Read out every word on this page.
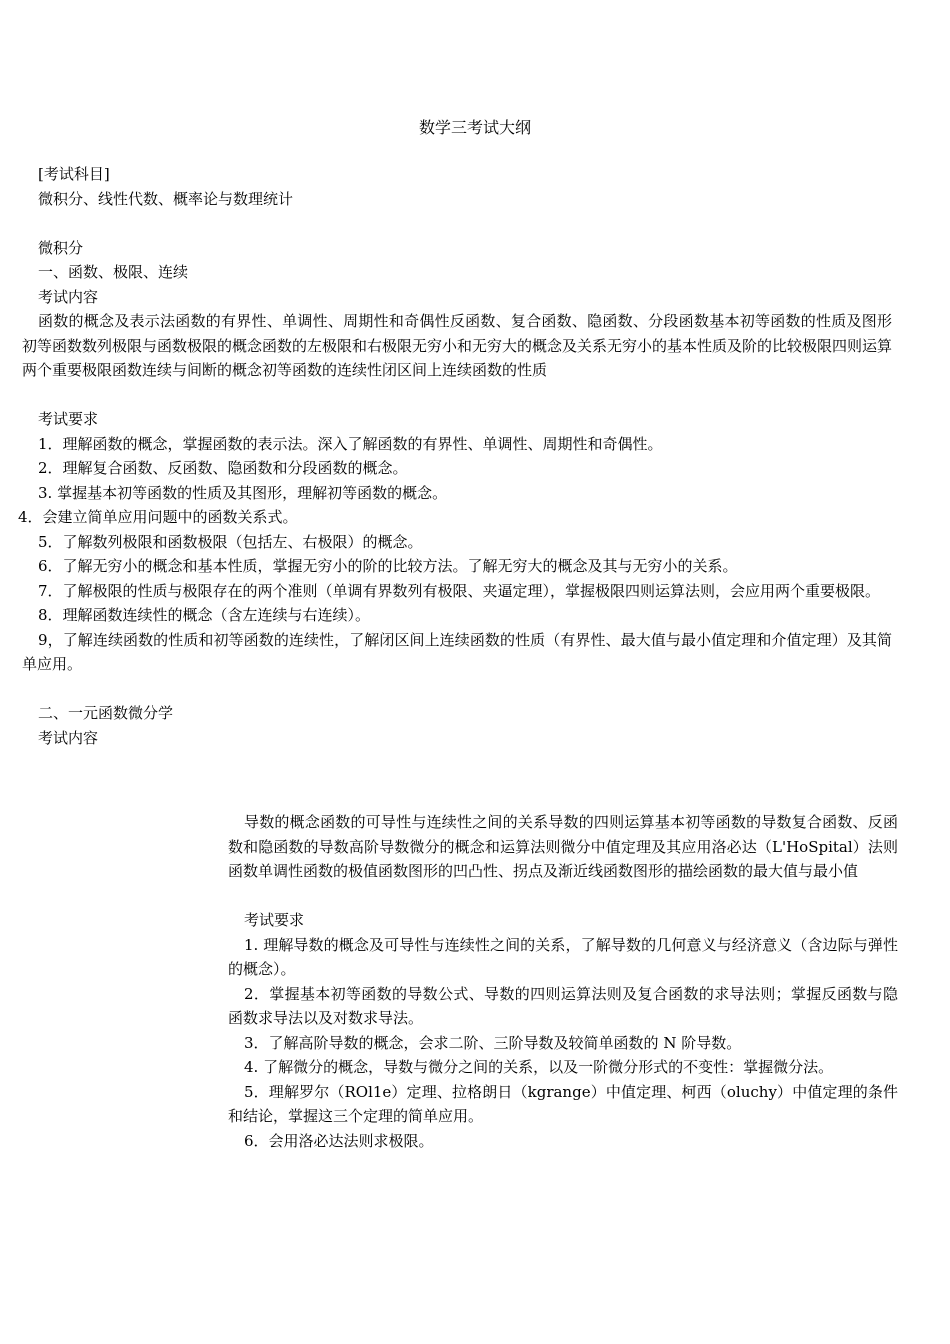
数学三考试大纲
[考试科目]
微积分、线性代数、概率论与数理统计
微积分
一、函数、极限、连续
考试内容
函数的概念及表示法函数的有界性、单调性、周期性和奇偶性反函数、复合函数、隐函数、分段函数基本初等函数的性质及图形初等函数数列极限与函数极限的概念函数的左极限和右极限无穷小和无穷大的概念及关系无穷小的基本性质及阶的比较极限四则运算两个重要极限函数连续与间断的概念初等函数的连续性闭区间上连续函数的性质
考试要求
1．理解函数的概念，掌握函数的表示法。深入了解函数的有界性、单调性、周期性和奇偶性。
2．理解复合函数、反函数、隐函数和分段函数的概念。
3. 掌握基本初等函数的性质及其图形，理解初等函数的概念。
4．会建立简单应用问题中的函数关系式。
5．了解数列极限和函数极限（包括左、右极限）的概念。
6．了解无穷小的概念和基本性质，掌握无穷小的阶的比较方法。了解无穷大的概念及其与无穷小的关系。
7．了解极限的性质与极限存在的两个准则（单调有界数列有极限、夹逼定理），掌握极限四则运算法则，会应用两个重要极限。
8．理解函数连续性的概念（含左连续与右连续）。
9，了解连续函数的性质和初等函数的连续性，了解闭区间上连续函数的性质（有界性、最大值与最小值定理和介值定理）及其简单应用。
二、一元函数微分学
考试内容
导数的概念函数的可导性与连续性之间的关系导数的四则运算基本初等函数的导数复合函数、反函数和隐函数的导数高阶导数微分的概念和运算法则微分中值定理及其应用洛必达（L'HoSpital）法则函数单调性函数的极值函数图形的凹凸性、拐点及渐近线函数图形的描绘函数的最大值与最小值
考试要求
1. 理解导数的概念及可导性与连续性之间的关系，了解导数的几何意义与经济意义（含边际与弹性的概念）。
2．掌握基本初等函数的导数公式、导数的四则运算法则及复合函数的求导法则；掌握反函数与隐函数求导法以及对数求导法。
3．了解高阶导数的概念，会求二阶、三阶导数及较简单函数的 N 阶导数。
4. 了解微分的概念，导数与微分之间的关系，以及一阶微分形式的不变性：掌握微分法。
5．理解罗尔（ROl1e）定理、拉格朗日（kgrange）中值定理、柯西（oluchy）中值定理的条件和结论，掌握这三个定理的简单应用。
6．会用洛必达法则求极限。
